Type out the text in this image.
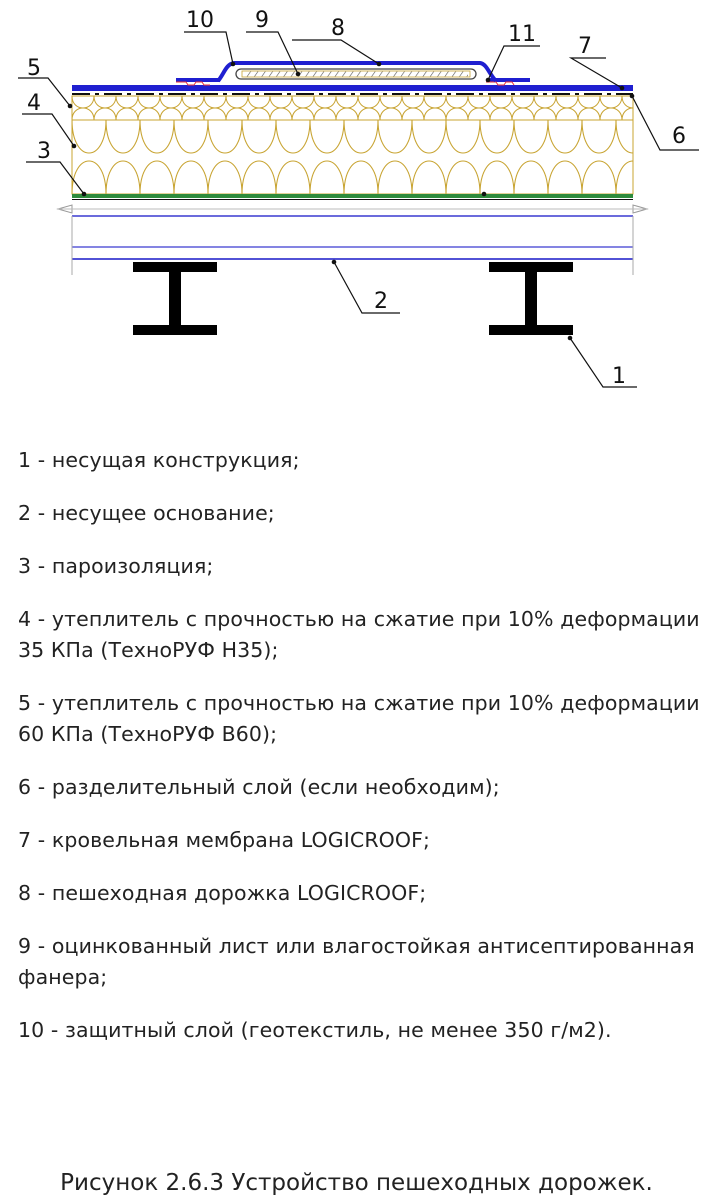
1
2
3
4
5
6
7
8
9
10
11
1 - несущая конструкция;
2 - несущее основание;
3 - пароизоляция;
4 - утеплитель с прочностью на сжатие при 10% деформации 35 КПа (ТехноРУФ Н35);
5 - утеплитель с прочностью на сжатие при 10% деформации 60 КПа (ТехноРУФ В60);
6 - разделительный слой (если необходим);
7 - кровельная мембрана LOGICROOF;
8 - пешеходная дорожка LOGICROOF;
9 - оцинкованный лист или влагостойкая антисептированная фанера;
10 - защитный слой (геотекстиль, не менее 350 г/м2).
Рисунок 2.6.3 Устройство пешеходных дорожек.
